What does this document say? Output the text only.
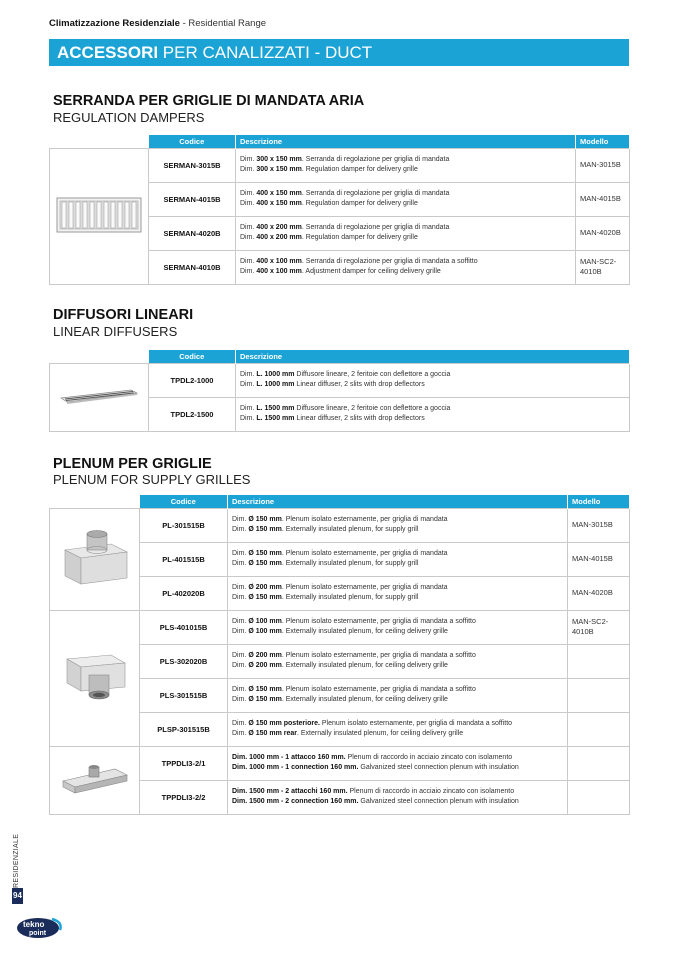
Climatizzazione Residenziale - Residential Range
ACCESSORI PER CANALIZZATI - DUCT
SERRANDA PER GRIGLIE DI MANDATA ARIA
REGULATION DAMPERS
	Codice	Descrizione	Modello
	SERMAN-3015B	Dim. 300 x 150 mm. Serranda di regolazione per griglia di mandata
Dim. 300 x 150 mm. Regulation damper for delivery grille	MAN-3015B
	SERMAN-4015B	Dim. 400 x 150 mm. Serranda di regolazione per griglia di mandata
Dim. 400 x 150 mm. Regulation damper for delivery grille	MAN-4015B
	SERMAN-4020B	Dim. 400 x 200 mm. Serranda di regolazione per griglia di mandata
Dim. 400 x 200 mm. Regulation damper for delivery grille	MAN-4020B
	SERMAN-4010B	Dim. 400 x 100 mm. Serranda di regolazione per griglia di mandata a soffitto
Dim. 400 x 100 mm. Adjustment damper for ceiling delivery grille	MAN-SC2-4010B
DIFFUSORI LINEARI
LINEAR DIFFUSERS
	Codice	Descrizione
	TPDL2-1000	Dim. L. 1000 mm Diffusore lineare, 2 feritoie con deflettore a goccia
Dim. L. 1000 mm Linear diffuser, 2 slits with drop deflectors

	TPDL2-1500	Dim. L. 1500 mm Diffusore lineare, 2 feritoie con deflettore a goccia
Dim. L. 1500 mm Linear diffuser, 2 slits with drop deflectors
PLENUM PER GRIGLIE
PLENUM FOR SUPPLY GRILLES
	Codice	Descrizione	Modello
	PL-301515B	Dim. Ø 150 mm. Plenum isolato esternamente, per griglia di mandata
Dim. Ø 150 mm. Externally insulated plenum, for supply grill	MAN-3015B
	PL-401515B	Dim. Ø 150 mm. Plenum isolato esternamente, per griglia di mandata
Dim. Ø 150 mm. Externally insulated plenum, for supply grill	MAN-4015B
	PL-402020B	Dim. Ø 200 mm. Plenum isolato esternamente, per griglia di mandata
Dim. Ø 150 mm. Externally insulated plenum, for supply grill	MAN-4020B
	PLS-401015B	Dim. Ø 100 mm. Plenum isolato esternamente, per griglia di mandata a soffitto
Dim. Ø 100 mm. Externally insulated plenum, for ceiling delivery grille	MAN-SC2-4010B
	PLS-302020B	Dim. Ø 200 mm. Plenum isolato esternamente, per griglia di mandata a soffitto
Dim. Ø 200 mm. Externally insulated plenum, for ceiling delivery grille	

	PLS-301515B	Dim. Ø 150 mm. Plenum isolato esternamente, per griglia di mandata a soffitto
Dim. Ø 150 mm. Externally insulated plenum, for ceiling delivery grille	

	PLSP-301515B	Dim. Ø 150 mm posteriore. Plenum isolato esternamente, per griglia di mandata a soffitto
Dim. Ø 150 mm rear. Externally insulated plenum, for ceiling delivery grille	

	TPPDLI3-2/1	Dim. 1000 mm - 1 attacco 160 mm. Plenum di raccordo in acciaio zincato con isolamento
Dim. 1000 mm - 1 connection 160 mm. Galvanized steel connection plenum with insulation	

	TPPDLI3-2/2	Dim. 1500 mm - 2 attacchi 160 mm. Plenum di raccordo in acciaio zincato con isolamento
Dim. 1500 mm - 2 connection 160 mm. Galvanized steel connection plenum with insulation	

RESIDENZIALE
94
tekno
point
